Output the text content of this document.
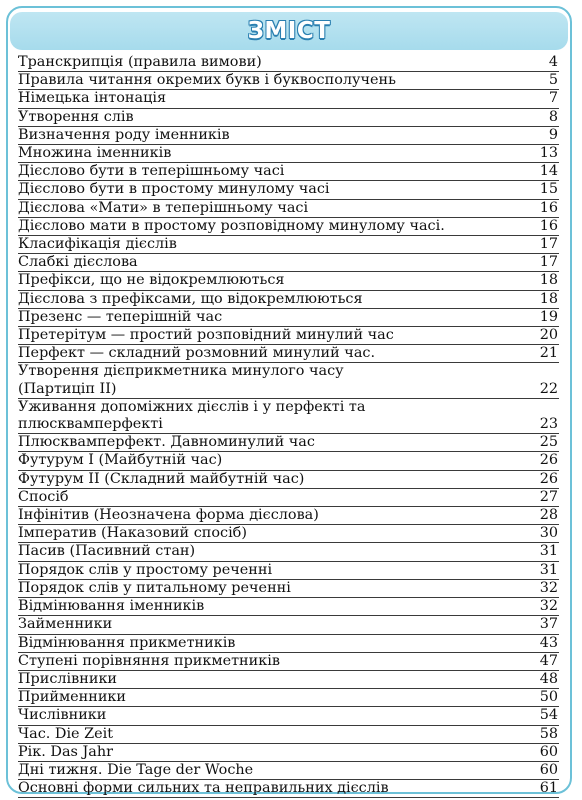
ЗМІСТ
Транскрипція (правила вимови)	4
Правила читання окремих букв і буквосполучень	5
Німецька інтонація	7
Утворення слів	8
Визначення роду іменників	9
Множина іменників	13
Дієслово бути в теперішньому часі	14
Дієслово бути в простому минулому часі	15
Дієслова «Мати» в теперішньому часі	16
Дієслово мати в простому розповідному минулому часі.	16
Класифікація дієслів	17
Слабкі дієслова	17
Префікси, що не відокремлюються	18
Дієслова з префіксами, що відокремлюються	18
Презенс — теперішній час	19
Претерітум — простий розповідний минулий час	20
Перфект — складний розмовний минулий час.	21
Утворення дієприкметника минулого часу
(Партиціп ІІ)	22
Уживання допоміжних дієслів і у перфекті та
плюсквамперфекті	23
Плюсквамперфект. Давноминулий час	25
Футурум І (Майбутній час)	26
Футурум ІІ (Складний майбутній час)	26
Спосіб	27
Інфінітив (Неозначена форма дієслова)	28
Імператив (Наказовий спосіб)	30
Пасив (Пасивний стан)	31
Порядок слів у простому реченні	31
Порядок слів у питальному реченні	32
Відмінювання іменників	32
Займенники	37
Відмінювання прикметників	43
Ступені порівняння прикметників	47
Прислівники	48
Прийменники	50
Числівники	54
Час. Die Zeit	58
Рік. Das Jahr	60
Дні тижня. Die Tage der Woche	60
Основні форми сильних та неправильних дієслів	61
